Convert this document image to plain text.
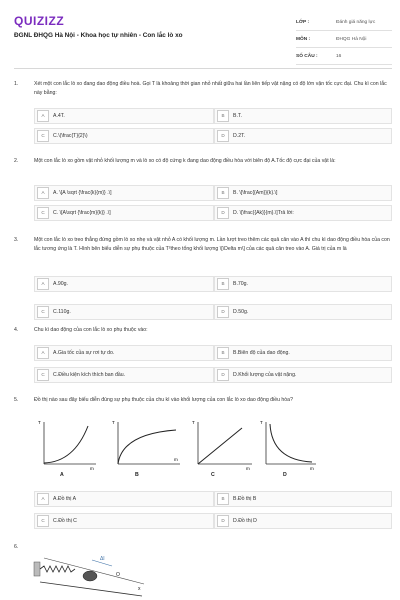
QUIZIZZ
ĐGNL ĐHQG Hà Nội - Khoa học tự nhiên - Con lắc lò xo
LỚP :	Đánh giá năng lực
MÔN :	ĐHQG Hà Nội
SỐ CÂU :	16
1.	Xét một con lắc lò xo đang dao động điều hoà. Gọi T là khoảng thời gian nhỏ nhất giữa hai lần liên tiếp vật nặng có độ lớn vận tốc cực đại. Chu kì con lắc này bằng:
A	A.4T.	B	B.T.
C	C.\(\frac{T}{2}\)	D	D.2T.
2.	Một con lắc lò xo gồm vật nhỏ khối lượng m và lò xo có độ cứng k đang dao động điều hòa với biên độ A.Tốc độ cực đại của vật là:
A	A. \[A \sqrt {\frac{k}{m}} .\]	B	B. \[\frac{{Am}}{k}.\]
C	C. \[A\sqrt {\frac{m}{k}} .\]	D	D. \[\frac{{Ak}}{m}.\]Trả lời:
3.	Một con lắc lò xo treo thẳng đứng gồm lò xo nhẹ và vật nhỏ A có khối lượng m. Lần lượt treo thêm các quả cân vào A thì chu kì dao động điều hòa của con lắc tương ứng là T. Hình bên biểu diễn sự phụ thuộc của T²theo tổng khối lượng \[\Delta m\] của các quả cân treo vào A. Giá trị của m là
A	A.90g.	B	B.70g.
C	C.110g.	D	D.50g.
4.	Chu kì dao động của con lắc lò xo phụ thuộc vào:
A	A.Gia tốc của sự rơi tự do.	B	B.Biên độ của dao động.
C	C.Điều kiện kích thích ban đầu.	D	D.Khối lượng của vật nặng.
5.	Đồ thị nào sau đây biểu diễn đúng sự phụ thuộc của chu kì vào khối lượng của con lắc lò xo dao động điều hòa?
T
m
T
m
T
m
T
m
A	B	C	D
A	A.Đồ thị A	B	B.Đồ thị B
C	C.Đồ thị C	D	D.Đồ thị D
6.
Δl
O
x
